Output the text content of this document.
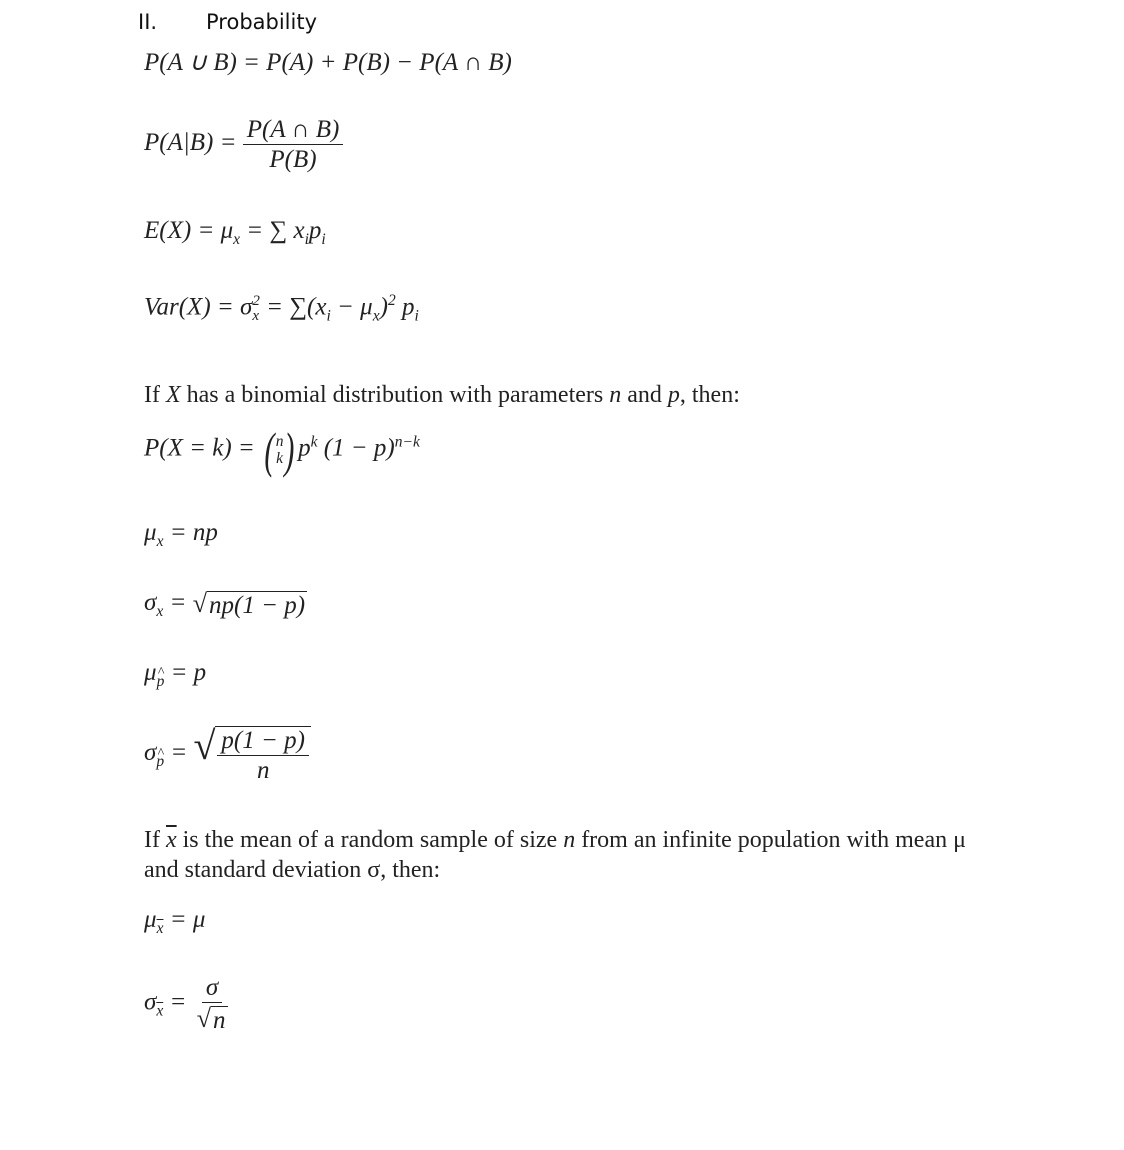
II. Probability
P(A ∪ B) = P(A) + P(B) − P(A ∩ B)
$P(A|B) = \frac{P(A \cap B)}{P(B)}$
$E(X) = \mu_x$ = ∑ $x_ip_i$
Var(X) = σ 2
$x = \sum(x_i - \mu_x)^2$ $p_i$
If X has a binomial distribution with parameters n and p, then:
P(X = k) = ( n
k ) $p^k$ $(1 - p)^{n-k}$
$\mu_x$ = np
$\sigma_x$ = √ np(1 − p)
μ^ $_p$ = p
σ^ $_p$ = √ $\frac{p(1 - p)}{n}$
If $\overline{x}$ is the mean of a random sample of size n from an infinite population with mean μ
and standard deviation σ, then:
$\mu_{\overline{x}} = \mu$
$\sigma_{\overline{x}} = \frac{\sigma}{√ n}$
